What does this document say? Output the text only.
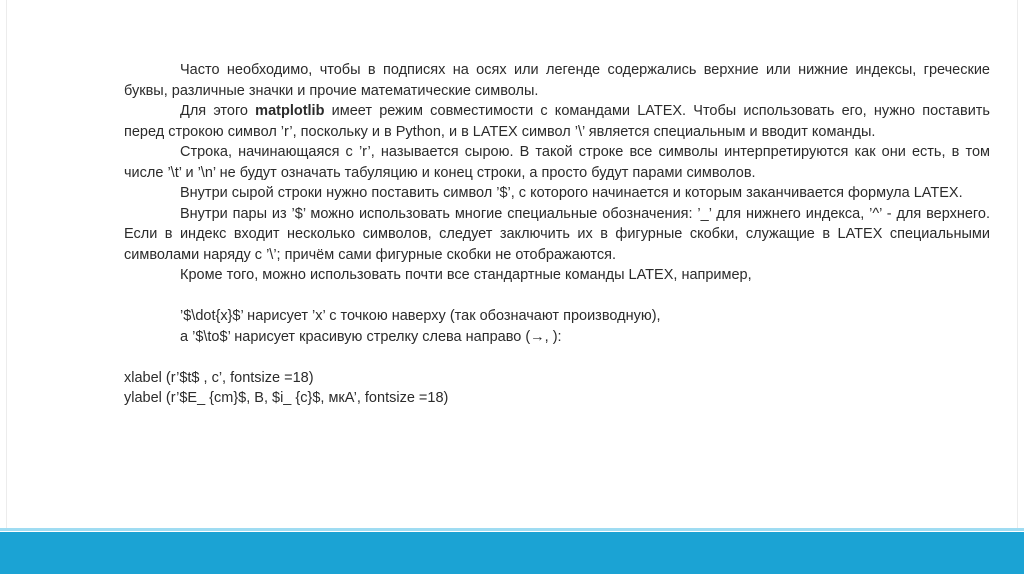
Часто необходимо, чтобы в подписях на осях или легенде содержались верхние или нижние индексы, греческие буквы, различные значки и прочие математические символы.

Для этого matplotlib имеет режим совместимости с командами LATEX. Чтобы использовать его, нужно поставить перед строкою символ ’r’, поскольку и в Python, и в LATEX символ ’\’ является специальным и вводит команды.

Строка, начинающаяся с ’r’, называется сырою. В такой строке все символы интерпретируются как они есть, в том числе ’\t’ и ’\n’ не будут означать табуляцию и конец строки, а просто будут парами символов.

Внутри сырой строки нужно поставить символ ’$’, с которого начинается и которым заканчивается формула LATEX.

Внутри пары из ’$’ можно использовать многие специальные обозначения: ’_’ для нижнего индекса, ’^’ - для верхнего. Если в индекс входит несколько символов, следует заключить их в фигурные скобки, служащие в LATEX специальными символами наряду с ’\’; причём сами фигурные скобки не отображаются.

Кроме того, можно использовать почти все стандартные команды LATEX, например,

’$\dot{x}$’ нарисует ’x’ с точкою наверху (так обозначают производную),

а ’$\to$’ нарисует красивую стрелку слева направо (→, ):

xlabel (r’$t$ , c’, fontsize =18)

ylabel (r’$E_ {cm}$, B, $i_ {c}$, мкА’, fontsize =18)
